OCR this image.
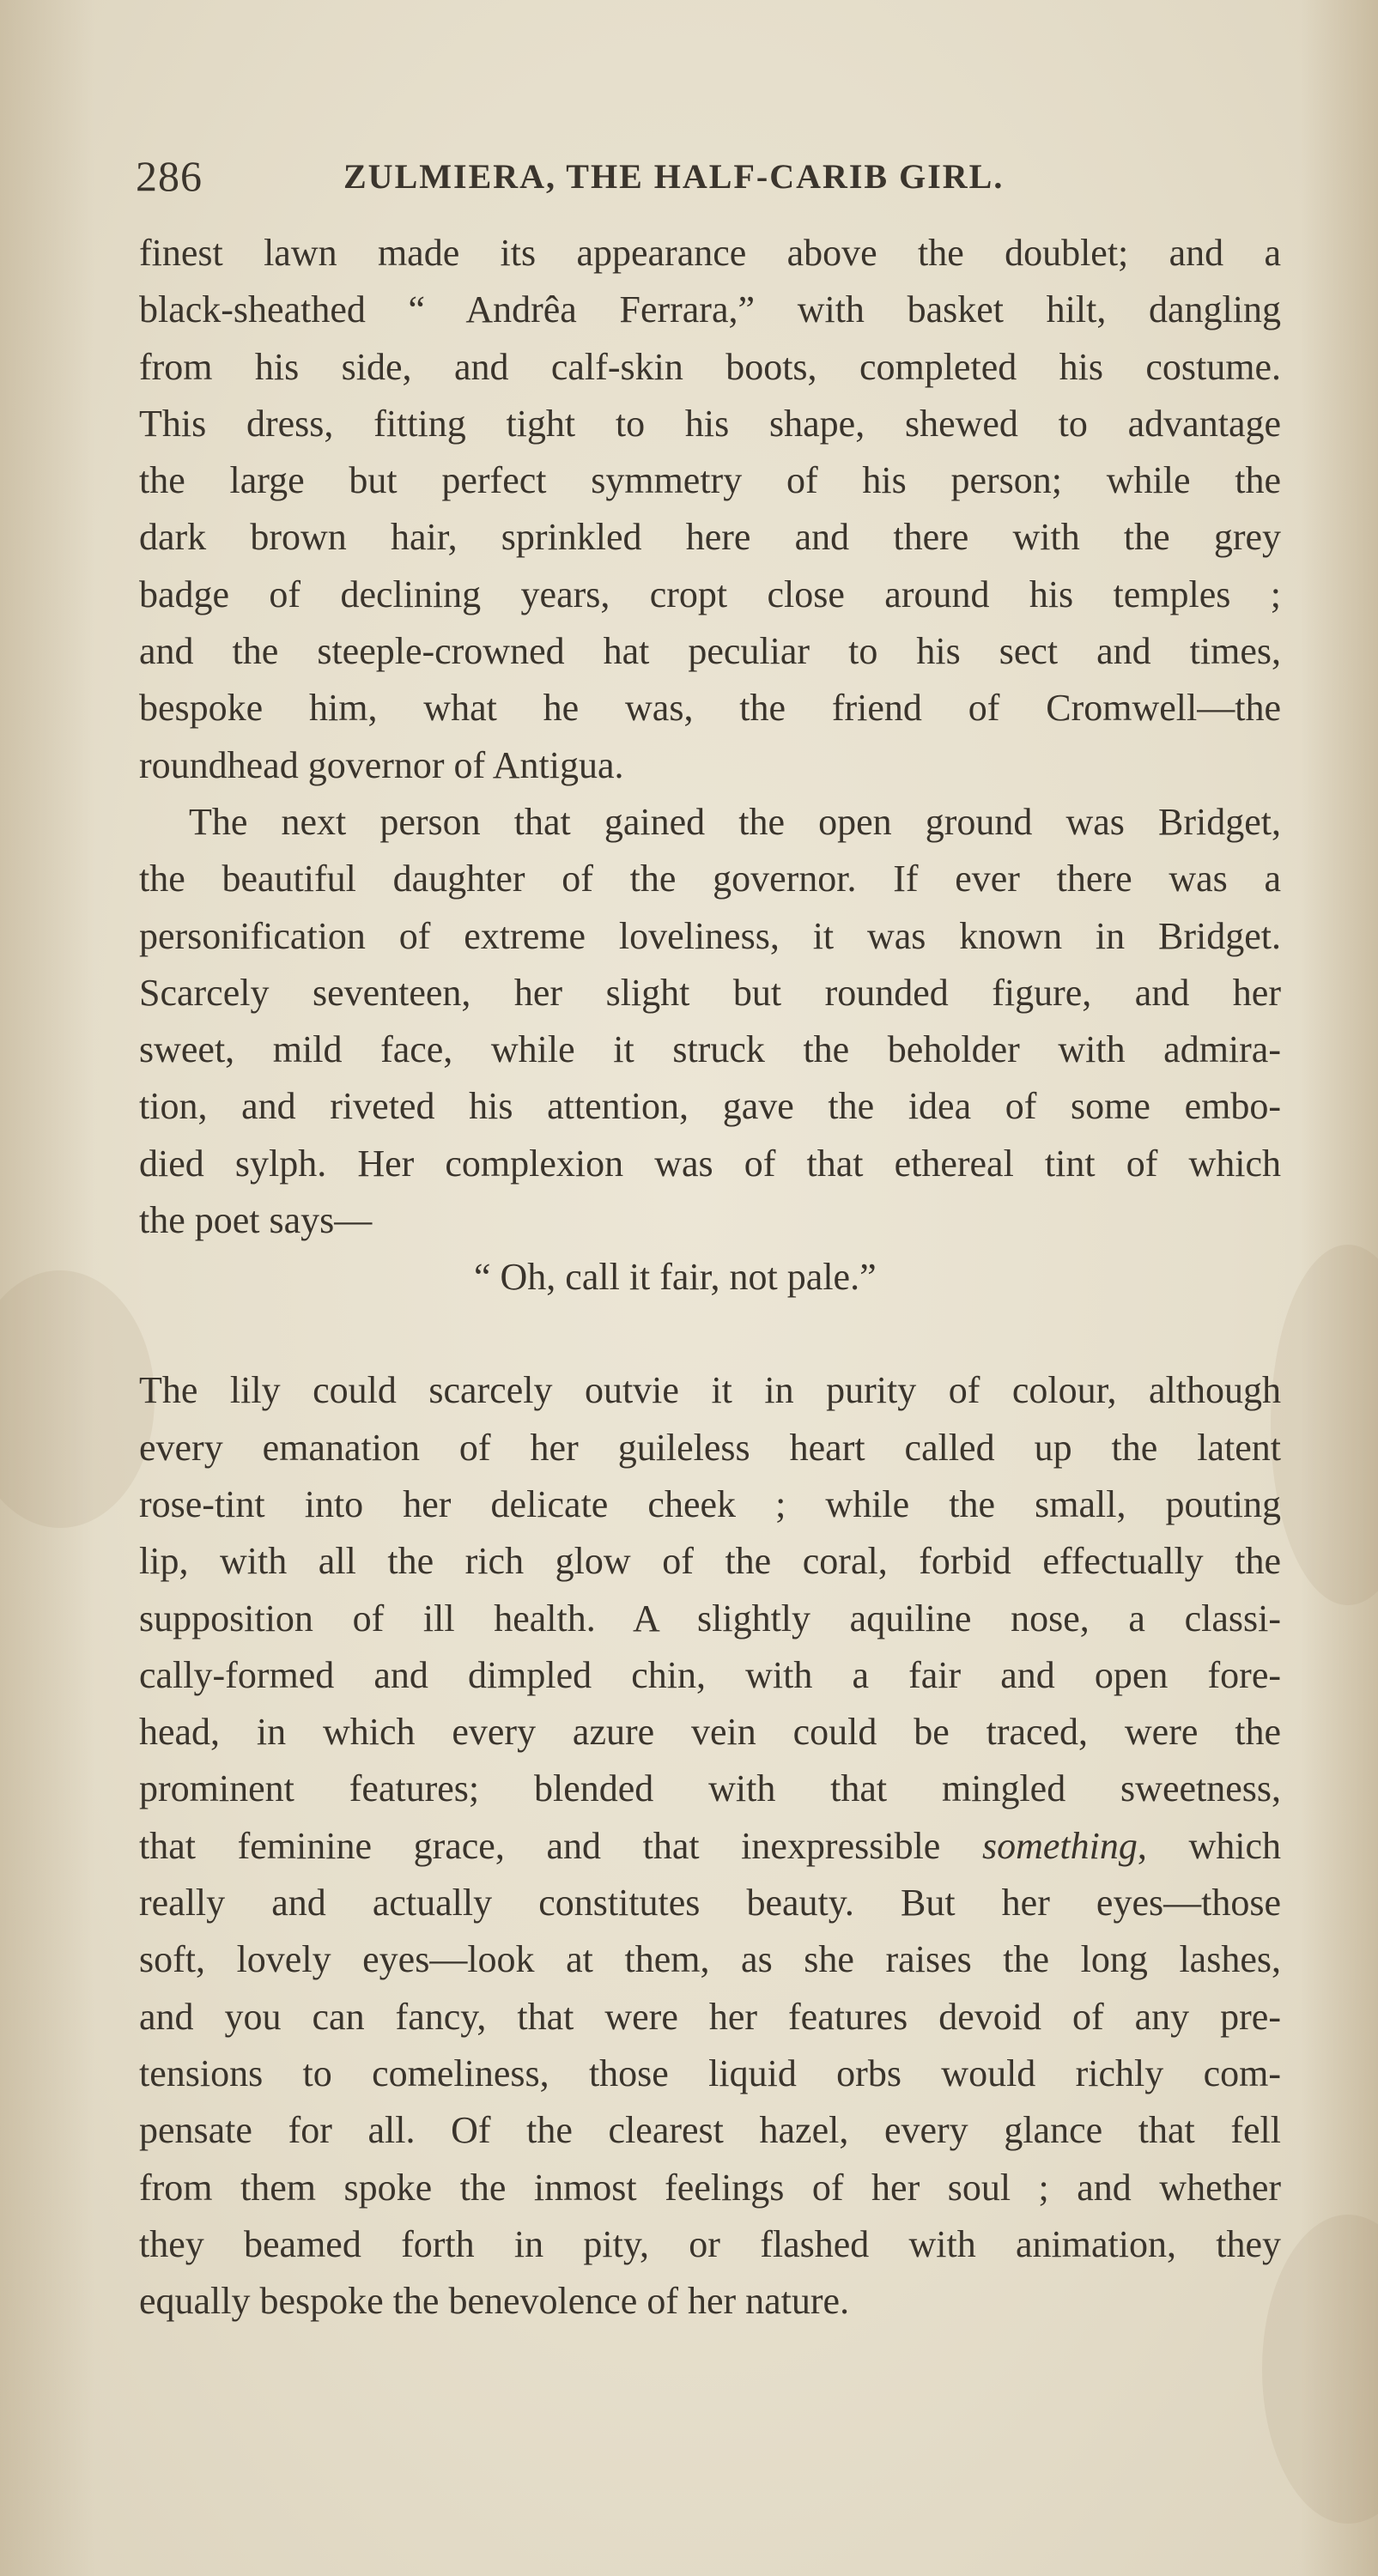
286	ZULMIERA, THE HALF-CARIB GIRL.
finest lawn made its appearance above the doublet; and a
black-sheathed “ Andrêa Ferrara,” with basket hilt, dangling
from his side, and calf-skin boots, completed his costume.
This dress, fitting tight to his shape, shewed to advantage
the large but perfect symmetry of his person; while the
dark brown hair, sprinkled here and there with the grey
badge of declining years, cropt close around his temples ;
and the steeple-crowned hat peculiar to his sect and times,
bespoke him, what he was, the friend of Cromwell—the
roundhead governor of Antigua.
The next person that gained the open ground was Bridget,
the beautiful daughter of the governor. If ever there was a
personification of extreme loveliness, it was known in Bridget.
Scarcely seventeen, her slight but rounded figure, and her
sweet, mild face, while it struck the beholder with admira-
tion, and riveted his attention, gave the idea of some embo-
died sylph. Her complexion was of that ethereal tint of which
the poet says—
“ Oh, call it fair, not pale.”
The lily could scarcely outvie it in purity of colour, although
every emanation of her guileless heart called up the latent
rose-tint into her delicate cheek ; while the small, pouting
lip, with all the rich glow of the coral, forbid effectually the
supposition of ill health. A slightly aquiline nose, a classi-
cally-formed and dimpled chin, with a fair and open fore-
head, in which every azure vein could be traced, were the
prominent features; blended with that mingled sweetness,
that feminine grace, and that inexpressible something, which
really and actually constitutes beauty. But her eyes—those
soft, lovely eyes—look at them, as she raises the long lashes,
and you can fancy, that were her features devoid of any pre-
tensions to comeliness, those liquid orbs would richly com-
pensate for all. Of the clearest hazel, every glance that fell
from them spoke the inmost feelings of her soul ; and whether
they beamed forth in pity, or flashed with animation, they
equally bespoke the benevolence of her nature.
